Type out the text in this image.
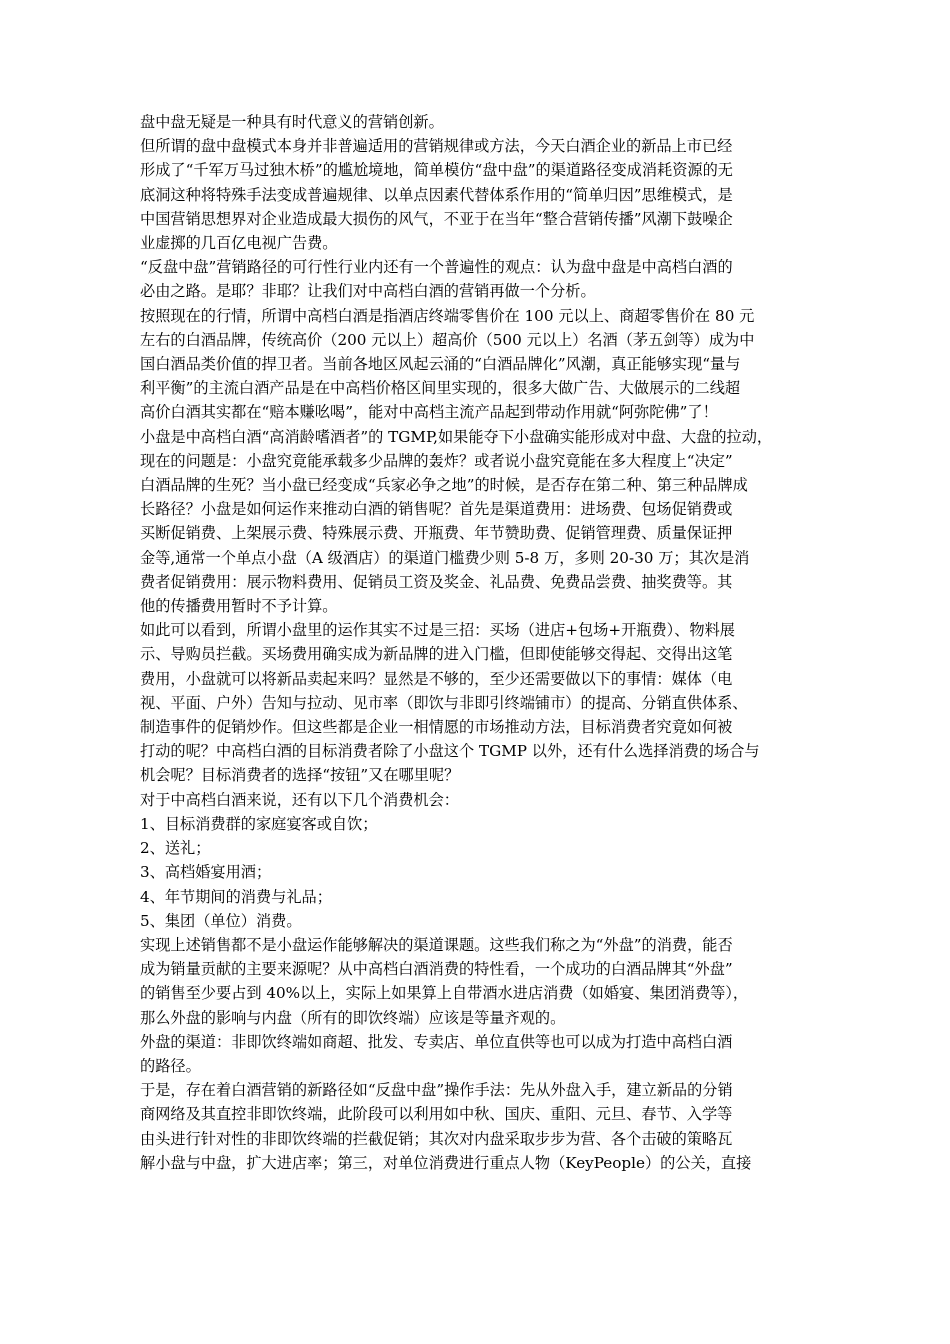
盘中盘无疑是一种具有时代意义的营销创新。

但所谓的盘中盘模式本身并非普遍适用的营销规律或方法，今天白酒企业的新品上市已经
形成了“千军万马过独木桥”的尴尬境地，简单模仿“盘中盘”的渠道路径变成消耗资源的无
底洞这种将特殊手法变成普遍规律、以单点因素代替体系作用的“简单归因”思维模式，是
中国营销思想界对企业造成最大损伤的风气，不亚于在当年“整合营销传播”风潮下鼓噪企
业虚掷的几百亿电视广告费。

“反盘中盘”营销路径的可行性行业内还有一个普遍性的观点：认为盘中盘是中高档白酒的
必由之路。是耶？非耶？让我们对中高档白酒的营销再做一个分析。

按照现在的行情，所谓中高档白酒是指酒店终端零售价在 100 元以上、商超零售价在 80 元
左右的白酒品牌，传统高价（200 元以上）超高价（500 元以上）名酒（茅五剑等）成为中
国白酒品类价值的捍卫者。当前各地区风起云涌的“白酒品牌化”风潮，真正能够实现“量与
利平衡”的主流白酒产品是在中高档价格区间里实现的，很多大做广告、大做展示的二线超
高价白酒其实都在“赔本赚吆喝”，能对中高档主流产品起到带动作用就“阿弥陀佛”了！

小盘是中高档白酒“高消龄嗜酒者”的 TGMP,如果能夺下小盘确实能形成对中盘、大盘的拉动，
现在的问题是：小盘究竟能承载多少品牌的轰炸？或者说小盘究竟能在多大程度上“决定”
白酒品牌的生死？当小盘已经变成“兵家必争之地”的时候，是否存在第二种、第三种品牌成
长路径？小盘是如何运作来推动白酒的销售呢？首先是渠道费用：进场费、包场促销费或
买断促销费、上架展示费、特殊展示费、开瓶费、年节赞助费、促销管理费、质量保证押
金等,通常一个单点小盘（A 级酒店）的渠道门槛费少则 5-8 万，多则 20-30 万；其次是消
费者促销费用：展示物料费用、促销员工资及奖金、礼品费、免费品尝费、抽奖费等。其
他的传播费用暂时不予计算。

如此可以看到，所谓小盘里的运作其实不过是三招：买场（进店+包场+开瓶费）、物料展
示、导购员拦截。买场费用确实成为新品牌的进入门槛，但即使能够交得起、交得出这笔
费用，小盘就可以将新品卖起来吗？显然是不够的，至少还需要做以下的事情：媒体（电
视、平面、户外）告知与拉动、见市率（即饮与非即引终端铺市）的提高、分销直供体系、
制造事件的促销炒作。但这些都是企业一相情愿的市场推动方法，目标消费者究竟如何被
打动的呢？中高档白酒的目标消费者除了小盘这个 TGMP 以外，还有什么选择消费的场合与
机会呢？目标消费者的选择“按钮”又在哪里呢？

对于中高档白酒来说，还有以下几个消费机会：

1、目标消费群的家庭宴客或自饮；

2、送礼；

3、高档婚宴用酒；

4、年节期间的消费与礼品；

5、集团（单位）消费。

实现上述销售都不是小盘运作能够解决的渠道课题。这些我们称之为“外盘”的消费，能否
成为销量贡献的主要来源呢？从中高档白酒消费的特性看，一个成功的白酒品牌其“外盘”
的销售至少要占到 40%以上，实际上如果算上自带酒水进店消费（如婚宴、集团消费等），
那么外盘的影响与内盘（所有的即饮终端）应该是等量齐观的。

外盘的渠道：非即饮终端如商超、批发、专卖店、单位直供等也可以成为打造中高档白酒
的路径。

于是，存在着白酒营销的新路径如“反盘中盘”操作手法：先从外盘入手，建立新品的分销
商网络及其直控非即饮终端，此阶段可以利用如中秋、国庆、重阳、元旦、春节、入学等
由头进行针对性的非即饮终端的拦截促销；其次对内盘采取步步为营、各个击破的策略瓦
解小盘与中盘，扩大进店率；第三，对单位消费进行重点人物（KeyPeople）的公关，直接
